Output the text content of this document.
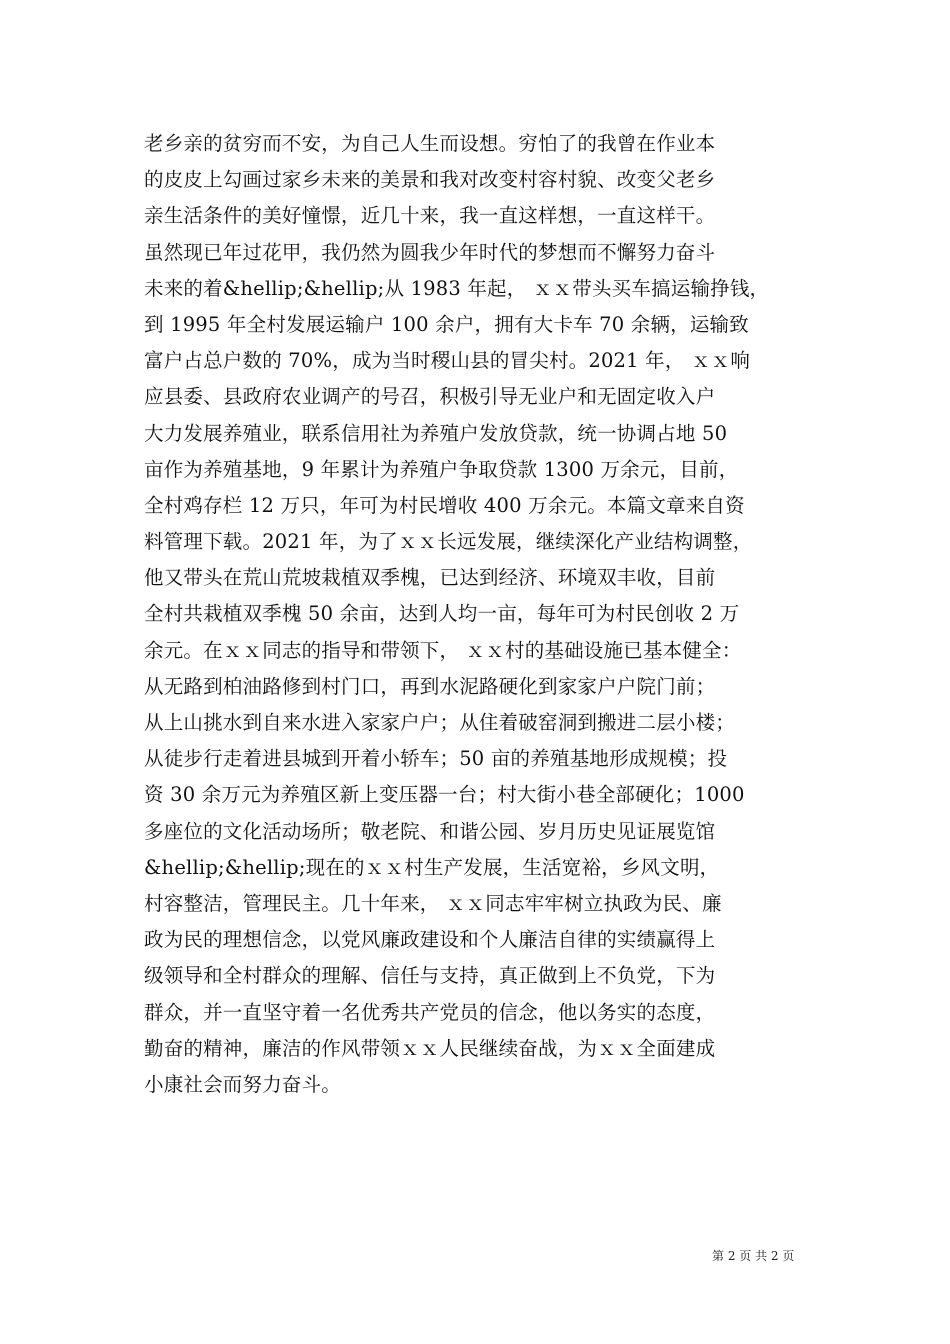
老乡亲的贫穷而不安，为自己人生而设想。穷怕了的我曾在作业本
的皮皮上勾画过家乡未来的美景和我对改变村容村貌、改变父老乡
亲生活条件的美好憧憬，近几十来，我一直这样想，一直这样干。
虽然现已年过花甲，我仍然为圆我少年时代的梦想而不懈努力奋斗
未来的着&hellip;&hellip;从 1983 年起， ｘｘ带头买车搞运输挣钱，
到 1995 年全村发展运输户 100 余户，拥有大卡车 70 余辆，运输致
富户占总户数的 70%，成为当时稷山县的冒尖村。2021 年， ｘｘ响
应县委、县政府农业调产的号召，积极引导无业户和无固定收入户
大力发展养殖业，联系信用社为养殖户发放贷款，统一协调占地 50
亩作为养殖基地，9 年累计为养殖户争取贷款 1300 万余元，目前，
全村鸡存栏 12 万只，年可为村民增收 400 万余元。本篇文章来自资
料管理下载。2021 年，为了ｘｘ长远发展，继续深化产业结构调整，
他又带头在荒山荒坡栽植双季槐，已达到经济、环境双丰收，目前
全村共栽植双季槐 50 余亩，达到人均一亩，每年可为村民创收 2 万
余元。在ｘｘ同志的指导和带领下， ｘｘ村的基础设施已基本健全：
从无路到柏油路修到村门口，再到水泥路硬化到家家户户院门前；
从上山挑水到自来水进入家家户户；从住着破窑洞到搬进二层小楼；
从徒步行走着进县城到开着小轿车；50 亩的养殖基地形成规模；投
资 30 余万元为养殖区新上变压器一台；村大街小巷全部硬化；1000
多座位的文化活动场所；敬老院、和谐公园、岁月历史见证展览馆
&hellip;&hellip;现在的ｘｘ村生产发展，生活宽裕，乡风文明，
村容整洁，管理民主。几十年来， ｘｘ同志牢牢树立执政为民、廉
政为民的理想信念，以党风廉政建设和个人廉洁自律的实绩赢得上
级领导和全村群众的理解、信任与支持，真正做到上不负党，下为
群众，并一直坚守着一名优秀共产党员的信念，他以务实的态度，
勤奋的精神，廉洁的作风带领ｘｘ人民继续奋战，为ｘｘ全面建成
小康社会而努力奋斗。
第 2 页 共 2 页
